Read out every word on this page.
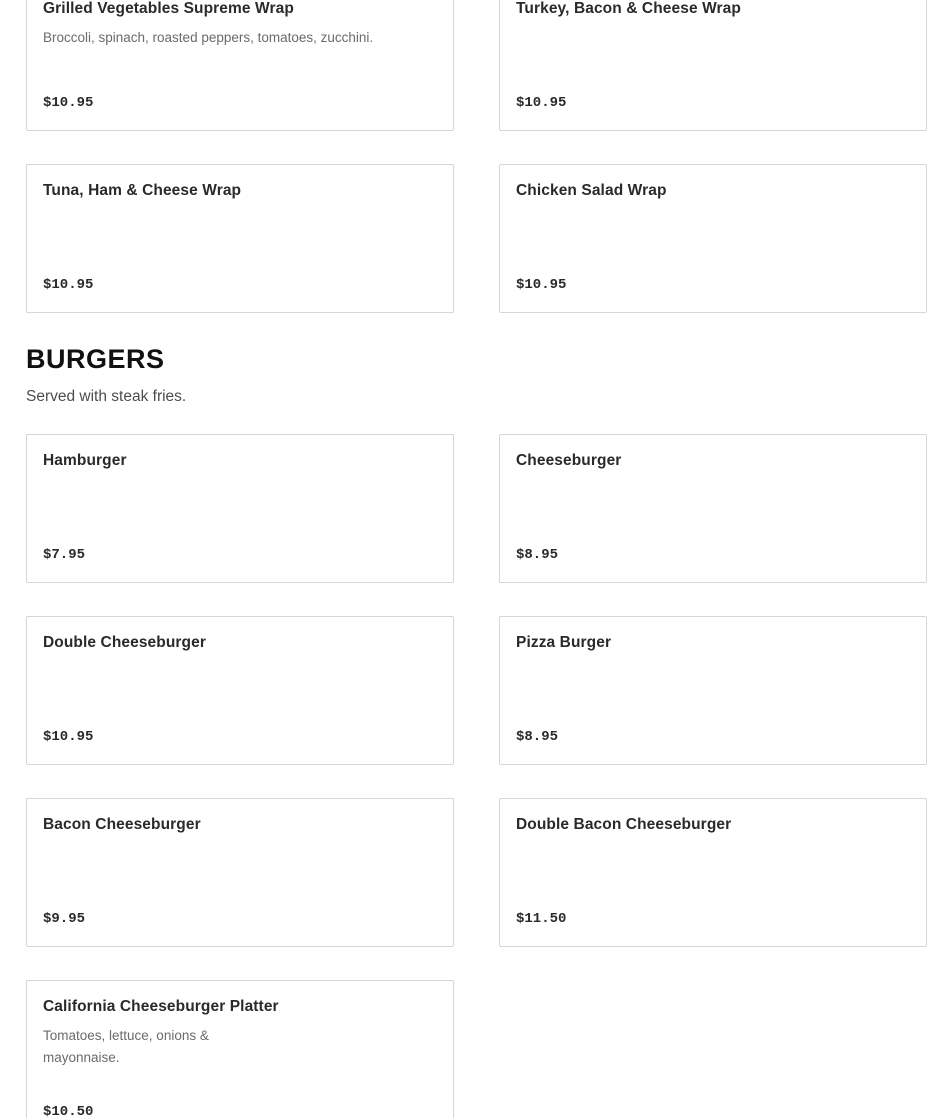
Grilled Vegetables Supreme Wrap
Broccoli, spinach, roasted peppers, tomatoes, zucchini.
$10.95
Turkey, Bacon & Cheese Wrap
$10.95
Tuna, Ham & Cheese Wrap
$10.95
Chicken Salad Wrap
$10.95
BURGERS
Served with steak fries.
Hamburger
$7.95
Cheeseburger
$8.95
Double Cheeseburger
$10.95
Pizza Burger
$8.95
Bacon Cheeseburger
$9.95
Double Bacon Cheeseburger
$11.50
California Cheeseburger Platter
Tomatoes, lettuce, onions & mayonnaise.
$10.50
